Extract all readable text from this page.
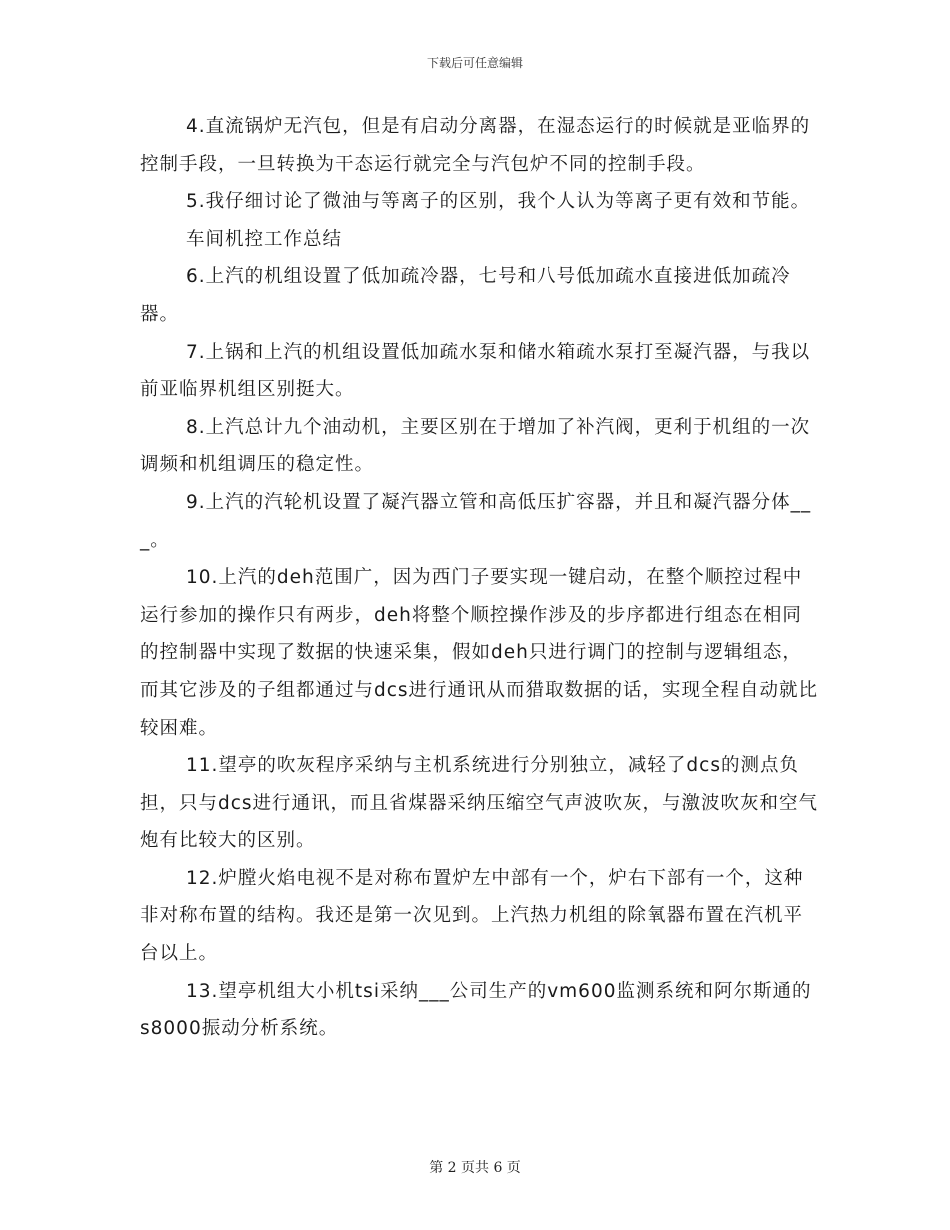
下载后可任意编辑

4.直流锅炉无汽包，但是有启动分离器，在湿态运行的时候就是亚临界的控制手段，一旦转换为干态运行就完全与汽包炉不同的控制手段。

5.我仔细讨论了微油与等离子的区别，我个人认为等离子更有效和节能。

车间机控工作总结

6.上汽的机组设置了低加疏冷器，七号和八号低加疏水直接进低加疏冷器。

7.上锅和上汽的机组设置低加疏水泵和储水箱疏水泵打至凝汽器，与我以前亚临界机组区别挺大。

8.上汽总计九个油动机，主要区别在于增加了补汽阀，更利于机组的一次调频和机组调压的稳定性。

9.上汽的汽轮机设置了凝汽器立管和高低压扩容器，并且和凝汽器分体___。

10.上汽的deh范围广，因为西门子要实现一键启动，在整个顺控过程中运行参加的操作只有两步，deh将整个顺控操作涉及的步序都进行组态在相同的控制器中实现了数据的快速采集，假如deh只进行调门的控制与逻辑组态，而其它涉及的子组都通过与dcs进行通讯从而猎取数据的话，实现全程自动就比较困难。

11.望亭的吹灰程序采纳与主机系统进行分别独立，减轻了dcs的测点负担，只与dcs进行通讯，而且省煤器采纳压缩空气声波吹灰，与激波吹灰和空气炮有比较大的区别。

12.炉膛火焰电视不是对称布置炉左中部有一个，炉右下部有一个，这种非对称布置的结构。我还是第一次见到。上汽热力机组的除氧器布置在汽机平台以上。

13.望亭机组大小机tsi采纳___公司生产的vm600监测系统和阿尔斯通的s8000振动分析系统。

第 2 页共 6 页
